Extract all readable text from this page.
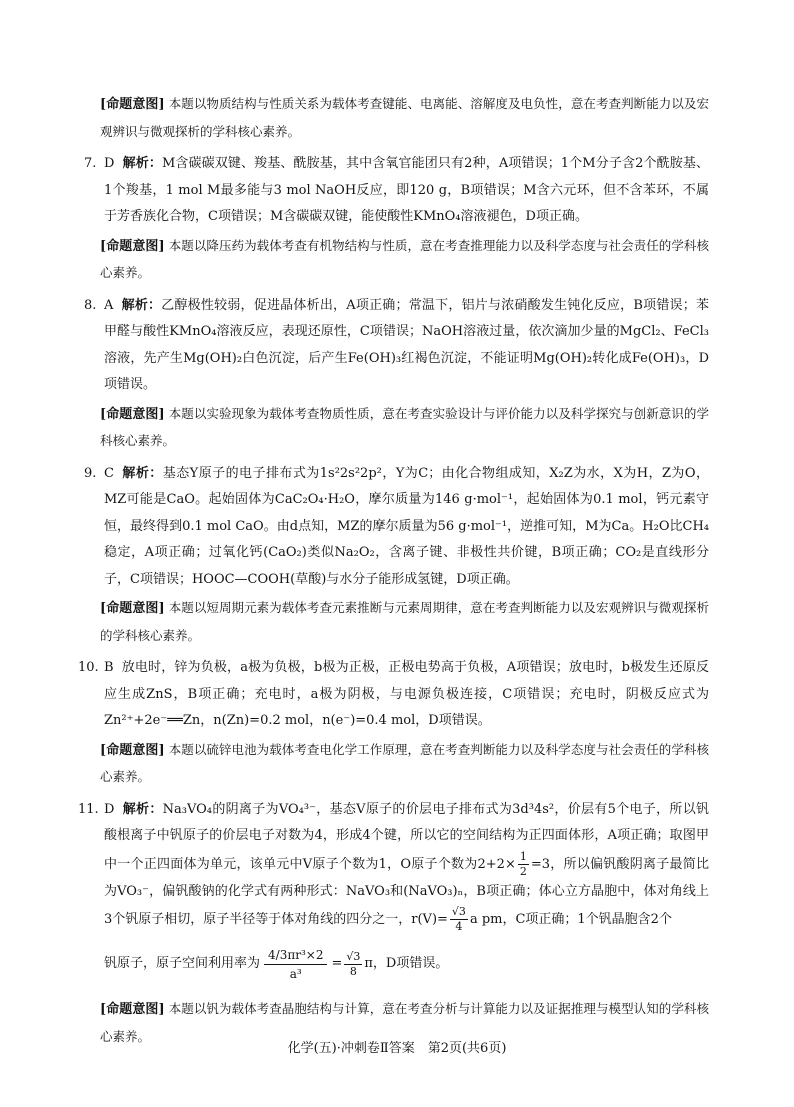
[命题意图] 本题以物质结构与性质关系为载体考查键能、电离能、溶解度及电负性，意在考查判断能力以及宏观辨识与微观探析的学科核心素养。

7. D 解析：M含碳碳双键、羧基、酰胺基，其中含氧官能团只有2种，A项错误；1个M分子含2个酰胺基、1个羧基，1 mol M最多能与3 mol NaOH反应，即120 g，B项错误；M含六元环，但不含苯环，不属于芳香族化合物，C项错误；M含碳碳双键，能使酸性KMnO₄溶液褪色，D项正确。

[命题意图] 本题以降压药为载体考查有机物结构与性质，意在考查推理能力以及科学态度与社会责任的学科核心素养。

8. A 解析：乙醇极性较弱，促进晶体析出，A项正确；常温下，铝片与浓硝酸发生钝化反应，B项错误；苯甲醛与酸性KMnO₄溶液反应，表现还原性，C项错误；NaOH溶液过量，依次滴加少量的MgCl₂、FeCl₃溶液，先产生Mg(OH)₂白色沉淀，后产生Fe(OH)₃红褐色沉淀，不能证明Mg(OH)₂转化成Fe(OH)₃，D项错误。

[命题意图] 本题以实验现象为载体考查物质性质，意在考查实验设计与评价能力以及科学探究与创新意识的学科核心素养。

9. C 解析：基态Y原子的电子排布式为1s²2s²2p²，Y为C；由化合物组成知，X₂Z为水，X为H，Z为O，MZ可能是CaO。起始固体为CaC₂O₄·H₂O，摩尔质量为146 g·mol⁻¹，起始固体为0.1 mol，钙元素守恒，最终得到0.1 mol CaO。由d点知，MZ的摩尔质量为56 g·mol⁻¹，逆推可知，M为Ca。H₂O比CH₄稳定，A项正确；过氧化钙(CaO₂)类似Na₂O₂，含离子键、非极性共价键，B项正确；CO₂是直线形分子，C项错误；HOOC—COOH(草酸)与水分子能形成氢键，D项正确。

[命题意图] 本题以短周期元素为载体考查元素推断与元素周期律，意在考查判断能力以及宏观辨识与微观探析的学科核心素养。

10. B 放电时，锌为负极，a极为负极，b极为正极，正极电势高于负极，A项错误；放电时，b极发生还原反应生成ZnS，B项正确；充电时，a极为阴极，与电源负极连接，C项错误；充电时，阴极反应式为Zn²⁺+2e⁻══Zn，n(Zn)=0.2 mol，n(e⁻)=0.4 mol，D项错误。

[命题意图] 本题以硫锌电池为载体考查电化学工作原理，意在考查判断能力以及科学态度与社会责任的学科核心素养。

11. D 解析：Na₃VO₄的阴离子为VO₄³⁻，基态V原子的价层电子排布式为3d³4s²，价层有5个电子，所以钒酸根离子中钒原子的价层电子对数为4，形成4个键，所以它的空间结构为正四面体形，A项正确；取图甲中一个正四面体为单元，该单元中V原子个数为1，O原子个数为$2+2\times \frac{1}{2} =3$，所以偏钒酸阴离子最简比为VO₃⁻，偏钒酸钠的化学式有两种形式：NaVO₃和(NaVO₃)ₙ，B项正确；体心立方晶胞中，体对角线上3个钒原子相切，原子半径等于体对角线的四分之一，$r(V)= \frac{√3}{4}$ a pm，C项正确；1个钒晶胞含2个
钒原子，原子空间利用率为 $\frac{\text{4/3πr³×2}}{\text{a³}} = \frac{√3}{8}$ π，D项错误。

[命题意图] 本题以钒为载体考查晶胞结构与计算，意在考查分析与计算能力以及证据推理与模型认知的学科核心素养。

化学(五)·冲刺卷Ⅱ答案　第2页(共6页)
